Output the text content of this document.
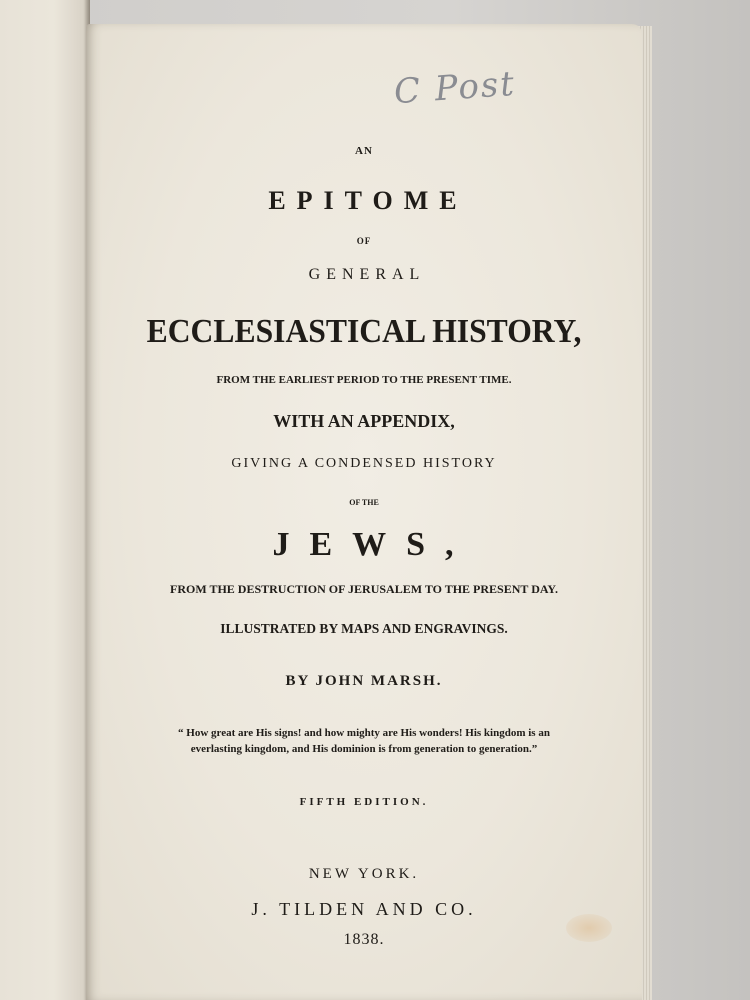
C Post
AN
EPITOME
OF
GENERAL
ECCLESIASTICAL HISTORY,
FROM THE EARLIEST PERIOD TO THE PRESENT TIME.
WITH AN APPENDIX,
GIVING A CONDENSED HISTORY
OF THE
JEWS,
FROM THE DESTRUCTION OF JERUSALEM TO THE PRESENT DAY.
ILLUSTRATED BY MAPS AND ENGRAVINGS.
BY JOHN MARSH.
“ How great are His signs! and how mighty are His wonders! His kingdom is an
everlasting kingdom, and His dominion is from generation to generation.”
FIFTH EDITION.
NEW YORK.
J. TILDEN AND CO.
1838.
